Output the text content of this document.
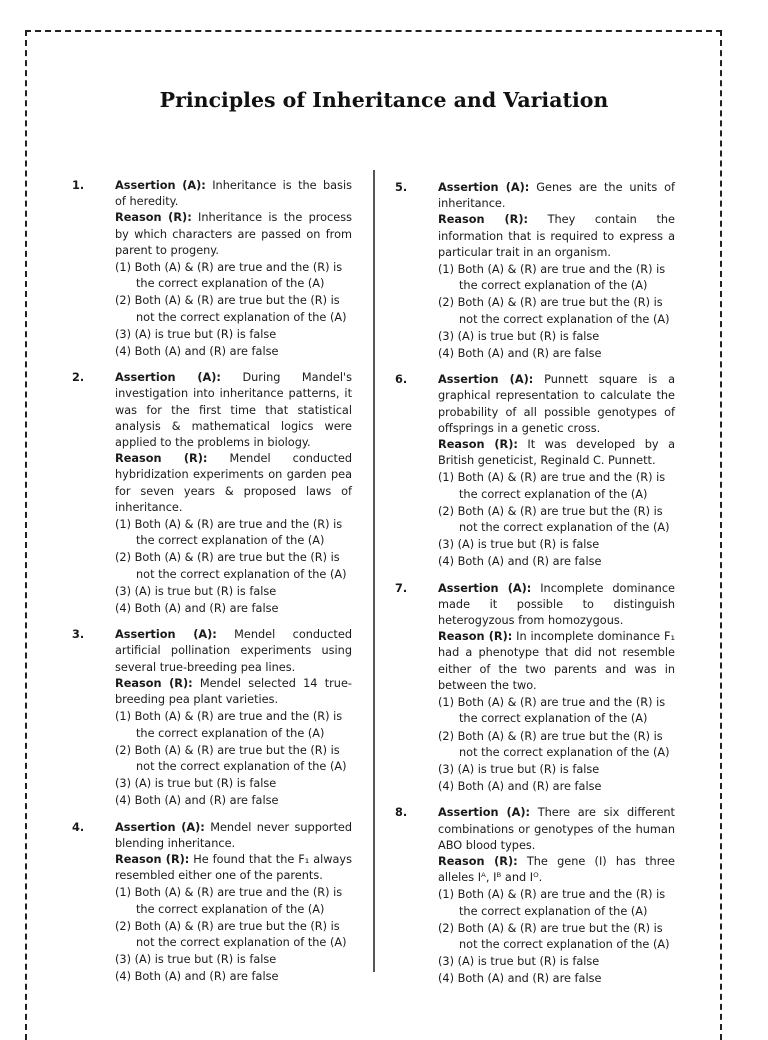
Principles of Inheritance and Variation
1 .	Assertion (A): Inheritance is the basis of heredity.
Reason (R): Inheritance is the process by which characters are passed on from parent to progeny.
( 1 ) Both (A) & (R) are true and the (R) is the correct explanation of the (A)
( 2 ) Both (A) & (R) are true but the (R) is not the correct explanation of the (A)
( 3 ) (A) is true but (R) is false
( 4 ) Both (A) and (R) are false
2 .	Assertion (A): During Mandel's investigation into inheritance patterns, it was for the first time that statistical analysis & mathematical logics were applied to the problems in biology.
Reason (R): Mendel conducted hybridization experiments on garden pea for seven years & proposed laws of inheritance.
( 1 ) Both (A) & (R) are true and the (R) is the correct explanation of the (A)
( 2 ) Both (A) & (R) are true but the (R) is not the correct explanation of the (A)
( 3 ) (A) is true but (R) is false
( 4 ) Both (A) and (R) are false
3 .	Assertion (A): Mendel conducted artificial pollination experiments using several true-breeding pea lines.
Reason (R): Mendel selected 14 true-breeding pea plant varieties.
( 1 ) Both (A) & (R) are true and the (R) is the correct explanation of the (A)
( 2 ) Both (A) & (R) are true but the (R) is not the correct explanation of the (A)
( 3 ) (A) is true but (R) is false
( 4 ) Both (A) and (R) are false
4 .	Assertion (A): Mendel never supported blending inheritance.
Reason (R): He found that the F₁ always resembled either one of the parents.
( 1 ) Both (A) & (R) are true and the (R) is the correct explanation of the (A)
( 2 ) Both (A) & (R) are true but the (R) is not the correct explanation of the (A)
( 3 ) (A) is true but (R) is false
( 4 ) Both (A) and (R) are false
5 .	Assertion (A): Genes are the units of inheritance.
Reason (R): They contain the information that is required to express a particular trait in an organism.
( 1 ) Both (A) & (R) are true and the (R) is the correct explanation of the (A)
( 2 ) Both (A) & (R) are true but the (R) is not the correct explanation of the (A)
( 3 ) (A) is true but (R) is false
( 4 ) Both (A) and (R) are false
6 .	Assertion (A): Punnett square is a graphical representation to calculate the probability of all possible genotypes of offsprings in a genetic cross.
Reason (R): It was developed by a British geneticist, Reginald C. Punnett.
( 1 ) Both (A) & (R) are true and the (R) is the correct explanation of the (A)
( 2 ) Both (A) & (R) are true but the (R) is not the correct explanation of the (A)
( 3 ) (A) is true but (R) is false
( 4 ) Both (A) and (R) are false
7 .	Assertion (A): Incomplete dominance made it possible to distinguish heterogyzous from homozygous.
Reason (R): In incomplete dominance F₁ had a phenotype that did not resemble either of the two parents and was in between the two.
( 1 ) Both (A) & (R) are true and the (R) is the correct explanation of the (A)
( 2 ) Both (A) & (R) are true but the (R) is not the correct explanation of the (A)
( 3 ) (A) is true but (R) is false
( 4 ) Both (A) and (R) are false
8 .	Assertion (A): There are six different combinations or genotypes of the human ABO blood types.
Reason (R): The gene (I) has three alleles Iᴬ, Iᴮ and Iᴼ.
( 1 ) Both (A) & (R) are true and the (R) is the correct explanation of the (A)
( 2 ) Both (A) & (R) are true but the (R) is not the correct explanation of the (A)
( 3 ) (A) is true but (R) is false
( 4 ) Both (A) and (R) are false
